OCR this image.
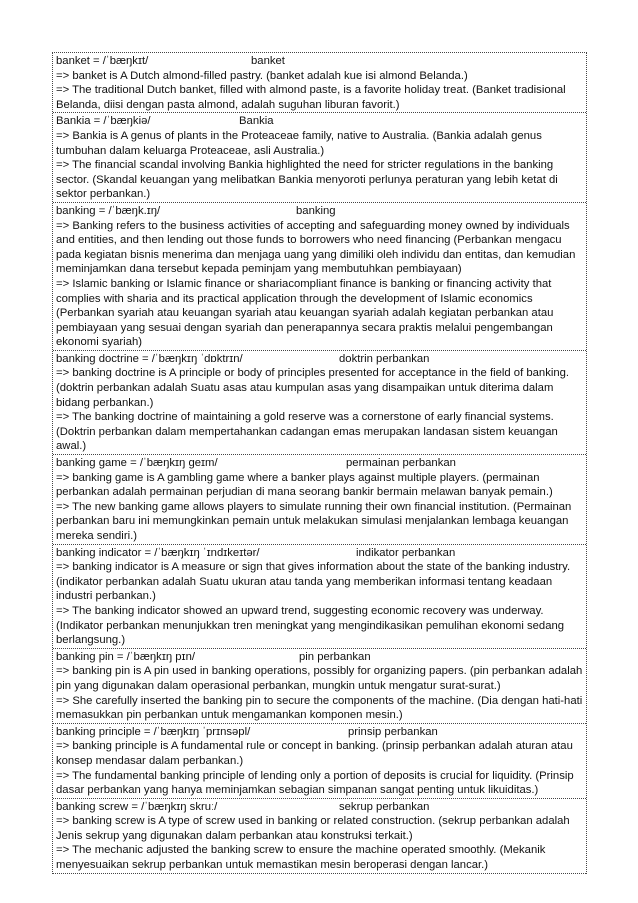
banket = /ˈbæŋkɪt/	banket
=> banket is A Dutch almond-filled pastry. (banket adalah kue isi almond Belanda.)
=> The traditional Dutch banket, filled with almond paste, is a favorite holiday treat. (Banket tradisional Belanda, diisi dengan pasta almond, adalah suguhan liburan favorit.)
Bankia = /ˈbæŋkiə/	Bankia
=> Bankia is A genus of plants in the Proteaceae family, native to Australia. (Bankia adalah genus tumbuhan dalam keluarga Proteaceae, asli Australia.)
=> The financial scandal involving Bankia highlighted the need for stricter regulations in the banking sector. (Skandal keuangan yang melibatkan Bankia menyoroti perlunya peraturan yang lebih ketat di sektor perbankan.)
banking = /ˈbæŋk.ɪŋ/	banking
=> Banking refers to the business activities of accepting and safeguarding money owned by individuals and entities, and then lending out those funds to borrowers who need financing (Perbankan mengacu pada kegiatan bisnis menerima dan menjaga uang yang dimiliki oleh individu dan entitas, dan kemudian meminjamkan dana tersebut kepada peminjam yang membutuhkan pembiayaan)
=> Islamic banking or Islamic finance or shariacompliant finance is banking or financing activity that complies with sharia and its practical application through the development of Islamic economics (Perbankan syariah atau keuangan syariah atau keuangan syariah adalah kegiatan perbankan atau pembiayaan yang sesuai dengan syariah dan penerapannya secara praktis melalui pengembangan ekonomi syariah)
banking doctrine = /ˈbæŋkɪŋ ˈdɒktrɪn/	doktrin perbankan
=> banking doctrine is A principle or body of principles presented for acceptance in the field of banking. (doktrin perbankan adalah Suatu asas atau kumpulan asas yang disampaikan untuk diterima dalam bidang perbankan.)
=> The banking doctrine of maintaining a gold reserve was a cornerstone of early financial systems. (Doktrin perbankan dalam mempertahankan cadangan emas merupakan landasan sistem keuangan awal.)
banking game = /ˈbæŋkɪŋ geɪm/	permainan perbankan
=> banking game is A gambling game where a banker plays against multiple players. (permainan perbankan adalah permainan perjudian di mana seorang bankir bermain melawan banyak pemain.)
=> The new banking game allows players to simulate running their own financial institution. (Permainan perbankan baru ini memungkinkan pemain untuk melakukan simulasi menjalankan lembaga keuangan mereka sendiri.)
banking indicator = /ˈbæŋkɪŋ ˈɪndɪkeɪtər/	indikator perbankan
=> banking indicator is A measure or sign that gives information about the state of the banking industry. (indikator perbankan adalah Suatu ukuran atau tanda yang memberikan informasi tentang keadaan industri perbankan.)
=> The banking indicator showed an upward trend, suggesting economic recovery was underway. (Indikator perbankan menunjukkan tren meningkat yang mengindikasikan pemulihan ekonomi sedang berlangsung.)
banking pin = /ˈbæŋkɪŋ pɪn/	pin perbankan
=> banking pin is A pin used in banking operations, possibly for organizing papers. (pin perbankan adalah pin yang digunakan dalam operasional perbankan, mungkin untuk mengatur surat-surat.)
=> She carefully inserted the banking pin to secure the components of the machine. (Dia dengan hati-hati memasukkan pin perbankan untuk mengamankan komponen mesin.)
banking principle = /ˈbæŋkɪŋ ˈprɪnsəpl/	prinsip perbankan
=> banking principle is A fundamental rule or concept in banking. (prinsip perbankan adalah aturan atau konsep mendasar dalam perbankan.)
=> The fundamental banking principle of lending only a portion of deposits is crucial for liquidity. (Prinsip dasar perbankan yang hanya meminjamkan sebagian simpanan sangat penting untuk likuiditas.)
banking screw = /ˈbæŋkɪŋ skruː/	sekrup perbankan
=> banking screw is A type of screw used in banking or related construction. (sekrup perbankan adalah Jenis sekrup yang digunakan dalam perbankan atau konstruksi terkait.)
=> The mechanic adjusted the banking screw to ensure the machine operated smoothly. (Mekanik menyesuaikan sekrup perbankan untuk memastikan mesin beroperasi dengan lancar.)
